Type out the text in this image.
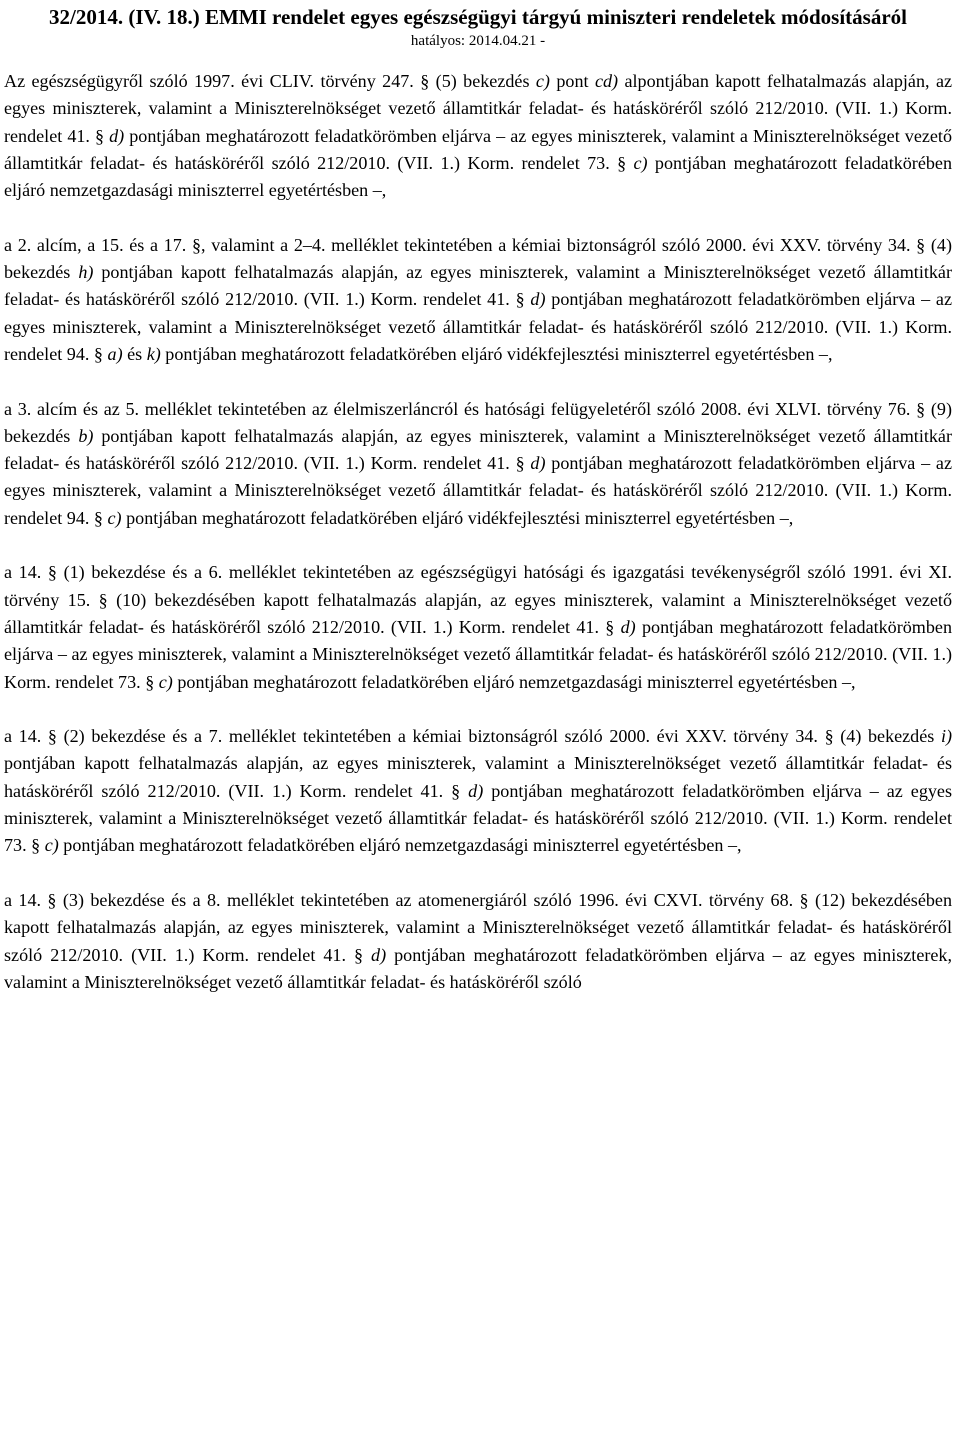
32/2014. (IV. 18.) EMMI rendelet egyes egészségügyi tárgyú miniszteri rendeletek módosításáról
hatályos: 2014.04.21 -

Az egészségügyről szóló 1997. évi CLIV. törvény 247. § (5) bekezdés c) pont cd) alpontjában kapott felhatalmazás alapján, az egyes miniszterek, valamint a Miniszterelnökséget vezető államtitkár feladat- és hatásköréről szóló 212/2010. (VII. 1.) Korm. rendelet 41. § d) pontjában meghatározott feladatkörömben eljárva – az egyes miniszterek, valamint a Miniszterelnökséget vezető államtitkár feladat- és hatásköréről szóló 212/2010. (VII. 1.) Korm. rendelet 73. § c) pontjában meghatározott feladatkörében eljáró nemzetgazdasági miniszterrel egyetértésben –,

a 2. alcím, a 15. és a 17. §, valamint a 2–4. melléklet tekintetében a kémiai biztonságról szóló 2000. évi XXV. törvény 34. § (4) bekezdés h) pontjában kapott felhatalmazás alapján, az egyes miniszterek, valamint a Miniszterelnökséget vezető államtitkár feladat- és hatásköréről szóló 212/2010. (VII. 1.) Korm. rendelet 41. § d) pontjában meghatározott feladatkörömben eljárva – az egyes miniszterek, valamint a Miniszterelnökséget vezető államtitkár feladat- és hatásköréről szóló 212/2010. (VII. 1.) Korm. rendelet 94. § a) és k) pontjában meghatározott feladatkörében eljáró vidékfejlesztési miniszterrel egyetértésben –,

a 3. alcím és az 5. melléklet tekintetében az élelmiszerláncról és hatósági felügyeletéről szóló 2008. évi XLVI. törvény 76. § (9) bekezdés b) pontjában kapott felhatalmazás alapján, az egyes miniszterek, valamint a Miniszterelnökséget vezető államtitkár feladat- és hatásköréről szóló 212/2010. (VII. 1.) Korm. rendelet 41. § d) pontjában meghatározott feladatkörömben eljárva – az egyes miniszterek, valamint a Miniszterelnökséget vezető államtitkár feladat- és hatásköréről szóló 212/2010. (VII. 1.) Korm. rendelet 94. § c) pontjában meghatározott feladatkörében eljáró vidékfejlesztési miniszterrel egyetértésben –,

a 14. § (1) bekezdése és a 6. melléklet tekintetében az egészségügyi hatósági és igazgatási tevékenységről szóló 1991. évi XI. törvény 15. § (10) bekezdésében kapott felhatalmazás alapján, az egyes miniszterek, valamint a Miniszterelnökséget vezető államtitkár feladat- és hatásköréről szóló 212/2010. (VII. 1.) Korm. rendelet 41. § d) pontjában meghatározott feladatkörömben eljárva – az egyes miniszterek, valamint a Miniszterelnökséget vezető államtitkár feladat- és hatásköréről szóló 212/2010. (VII. 1.) Korm. rendelet 73. § c) pontjában meghatározott feladatkörében eljáró nemzetgazdasági miniszterrel egyetértésben –,

a 14. § (2) bekezdése és a 7. melléklet tekintetében a kémiai biztonságról szóló 2000. évi XXV. törvény 34. § (4) bekezdés i) pontjában kapott felhatalmazás alapján, az egyes miniszterek, valamint a Miniszterelnökséget vezető államtitkár feladat- és hatásköréről szóló 212/2010. (VII. 1.) Korm. rendelet 41. § d) pontjában meghatározott feladatkörömben eljárva – az egyes miniszterek, valamint a Miniszterelnökséget vezető államtitkár feladat- és hatásköréről szóló 212/2010. (VII. 1.) Korm. rendelet 73. § c) pontjában meghatározott feladatkörében eljáró nemzetgazdasági miniszterrel egyetértésben –,

a 14. § (3) bekezdése és a 8. melléklet tekintetében az atomenergiáról szóló 1996. évi CXVI. törvény 68. § (12) bekezdésében kapott felhatalmazás alapján, az egyes miniszterek, valamint a Miniszterelnökséget vezető államtitkár feladat- és hatásköréről szóló 212/2010. (VII. 1.) Korm. rendelet 41. § d) pontjában meghatározott feladatkörömben eljárva – az egyes miniszterek, valamint a Miniszterelnökséget vezető államtitkár feladat- és hatásköréről szóló
